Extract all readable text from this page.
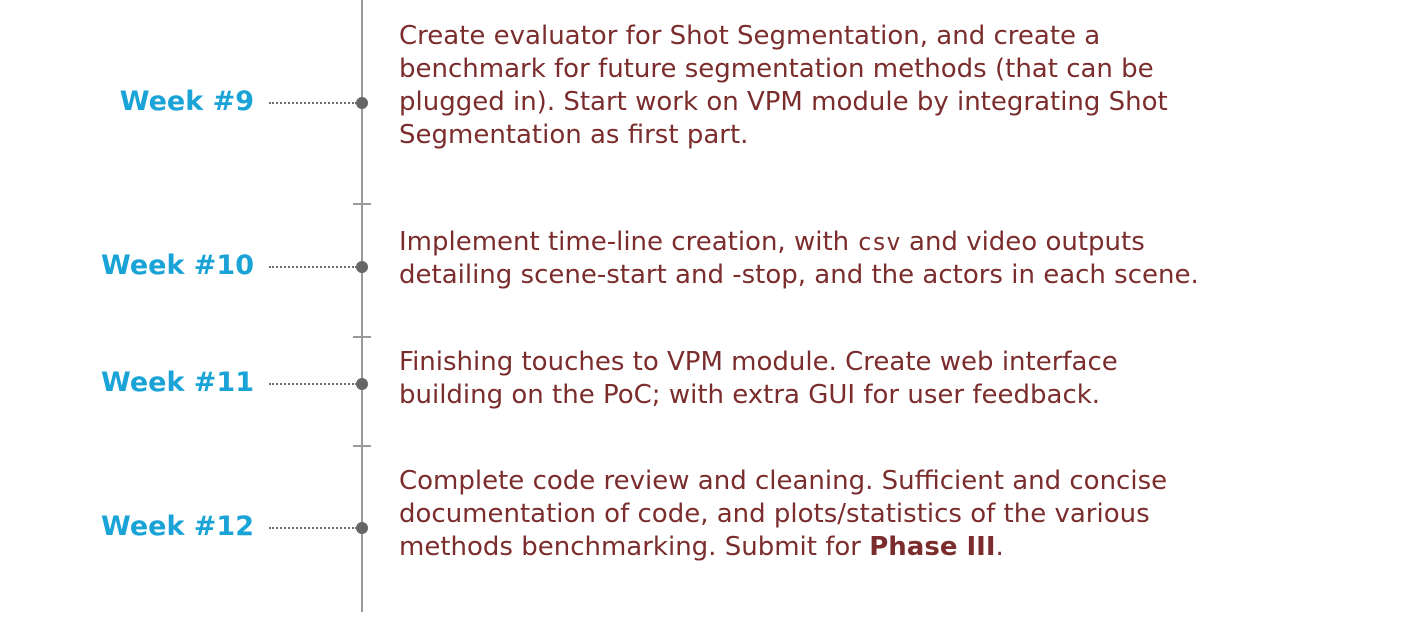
Week #9

Create evaluator for Shot Segmentation, and create a

benchmark for future segmentation methods (that can be

plugged in). Start work on VPM module by integrating Shot

Segmentation as first part.

Week #10

Implement time-line creation, with csv and video outputs

detailing scene-start and -stop, and the actors in each scene.

Week #11

Finishing touches to VPM module. Create web interface

building on the PoC; with extra GUI for user feedback.

Week #12

Complete code review and cleaning. Sufficient and concise

documentation of code, and plots/statistics of the various

methods benchmarking. Submit for Phase III.
